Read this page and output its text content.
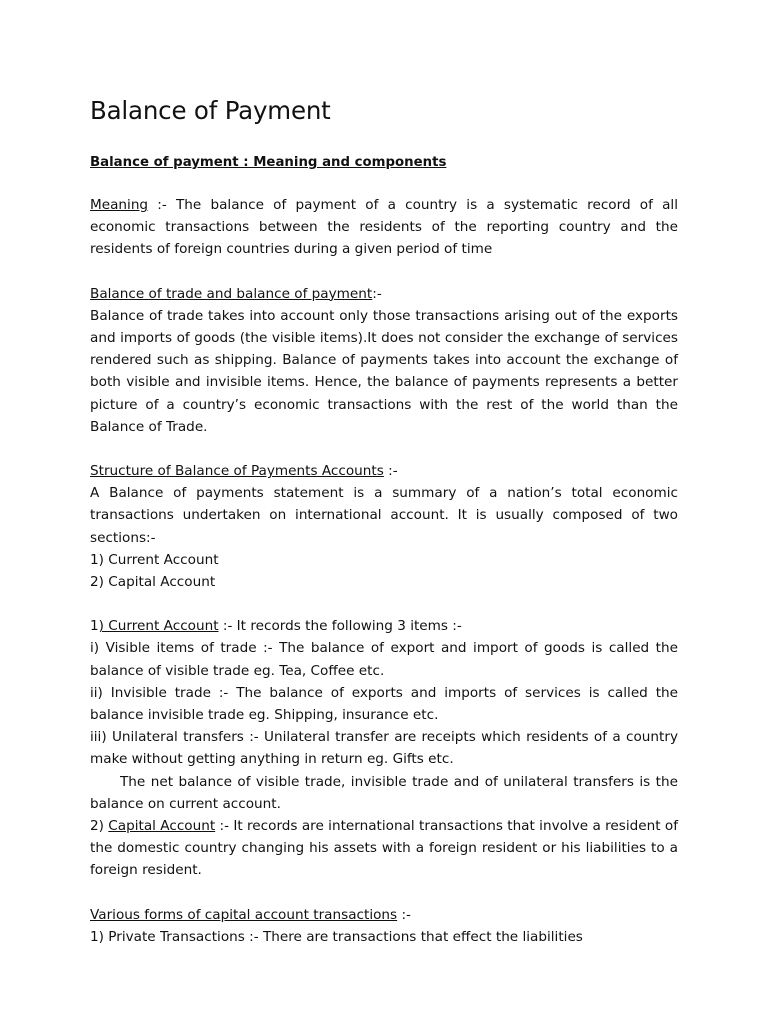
Balance of Payment
Balance of payment : Meaning and components

Meaning :- The balance of payment of a country is a systematic record of all economic transactions between the residents of the reporting country and the residents of foreign countries during a given period of time

Balance of trade and balance of payment:-

Balance of trade takes into account only those transactions arising out of the exports and imports of goods (the visible items).It does not consider the exchange of services rendered such as shipping. Balance of payments takes into account the exchange of both visible and invisible items. Hence, the balance of payments represents a better picture of a country’s economic transactions with the rest of the world than the Balance of Trade.

Structure of Balance of Payments Accounts :-

A Balance of payments statement is a summary of a nation’s total economic transactions undertaken on international account. It is usually composed of two sections:-

1) Current Account
2) Capital Account

1) Current Account :- It records the following 3 items :-

i) Visible items of trade :- The balance of export and import of goods is called the balance of visible trade eg. Tea, Coffee etc.

ii) Invisible trade :- The balance of exports and imports of services is called the balance invisible trade eg. Shipping, insurance etc.

iii) Unilateral transfers :- Unilateral transfer are receipts which residents of a country make without getting anything in return eg. Gifts etc.

The net balance of visible trade, invisible trade and of unilateral transfers is the balance on current account.

2) Capital Account :- It records are international transactions that involve a resident of the domestic country changing his assets with a foreign resident or his liabilities to a foreign resident.

Various forms of capital account transactions :-

1) Private Transactions :- There are transactions that effect the liabilities
